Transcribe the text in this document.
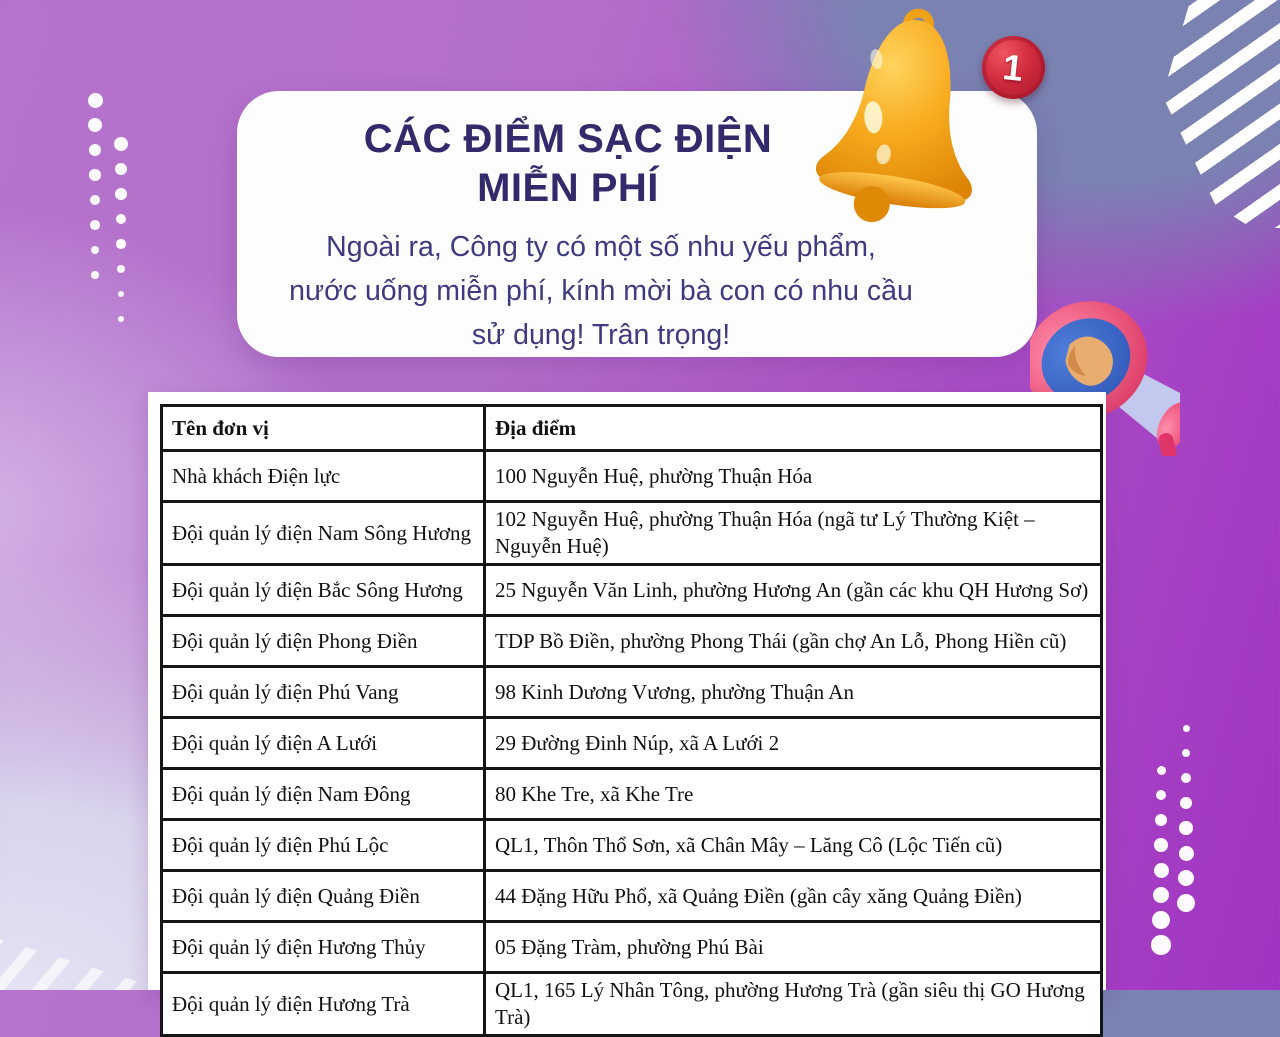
CÁC ĐIỂM SẠC ĐIỆN
MIỄN PHÍ
Ngoài ra, Công ty có một số nhu yếu phẩm,
nước uống miễn phí, kính mời bà con có nhu cầu
sử dụng! Trân trọng!
1
Tên đơn vị	Địa điểm
Nhà khách Điện lực	100 Nguyễn Huệ, phường Thuận Hóa
Đội quản lý điện Nam Sông Hương	102 Nguyễn Huệ, phường Thuận Hóa (ngã tư Lý Thường Kiệt – Nguyễn Huệ)
Đội quản lý điện Bắc Sông Hương	25 Nguyễn Văn Linh, phường Hương An (gần các khu QH Hương Sơ)
Đội quản lý điện Phong Điền	TDP Bồ Điền, phường Phong Thái (gần chợ An Lỗ, Phong Hiền cũ)
Đội quản lý điện Phú Vang	98 Kinh Dương Vương, phường Thuận An
Đội quản lý điện A Lưới	29 Đường Đinh Núp, xã A Lưới 2
Đội quản lý điện Nam Đông	80 Khe Tre, xã Khe Tre
Đội quản lý điện Phú Lộc	QL1, Thôn Thổ Sơn, xã Chân Mây – Lăng Cô (Lộc Tiến cũ)
Đội quản lý điện Quảng Điền	44 Đặng Hữu Phổ, xã Quảng Điền (gần cây xăng Quảng Điền)
Đội quản lý điện Hương Thủy	05 Đặng Tràm, phường Phú Bài
Đội quản lý điện Hương Trà	QL1, 165 Lý Nhân Tông, phường Hương Trà (gần siêu thị GO Hương Trà)
